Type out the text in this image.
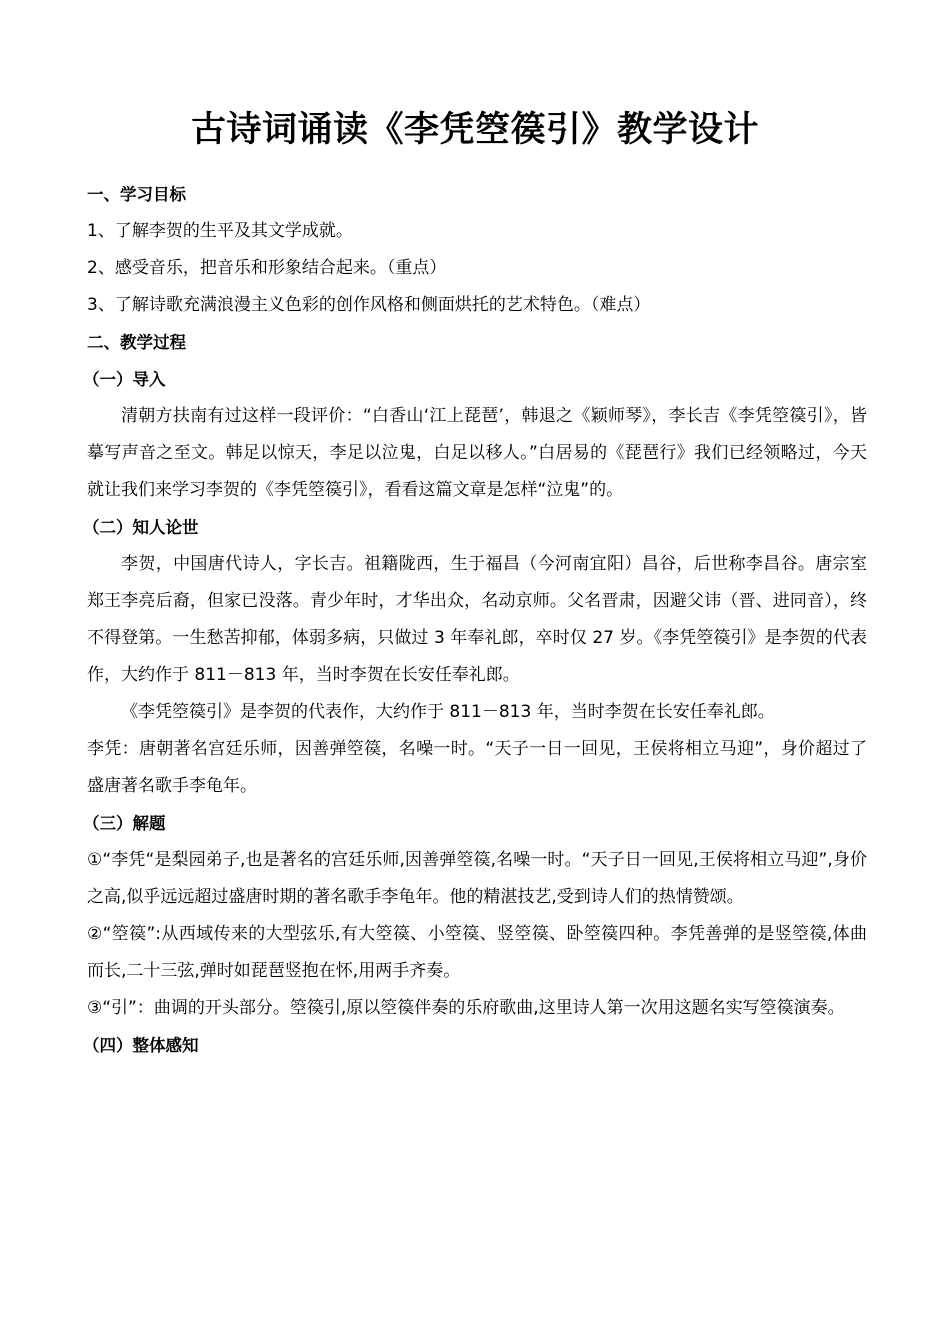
古诗词诵读《李凭箜篌引》教学设计

一、学习目标

1、了解李贺的生平及其文学成就。

2、感受音乐，把音乐和形象结合起来。（重点）

3、了解诗歌充满浪漫主义色彩的创作风格和侧面烘托的艺术特色。（难点）

二、教学过程

（一）导入

清朝方扶南有过这样一段评价：“白香山‘江上琵琶’，韩退之《颖师琴》，李长吉《李凭箜篌引》，皆摹写声音之至文。韩足以惊天，李足以泣鬼，白足以移人。”白居易的《琵琶行》我们已经领略过，今天就让我们来学习李贺的《李凭箜篌引》，看看这篇文章是怎样“泣鬼”的。

（二）知人论世

李贺，中国唐代诗人，字长吉。祖籍陇西，生于福昌（今河南宜阳）昌谷，后世称李昌谷。唐宗室郑王李亮后裔，但家已没落。青少年时，才华出众，名动京师。父名晋肃，因避父讳（晋、进同音），终不得登第。一生愁苦抑郁，体弱多病，只做过 3 年奉礼郎，卒时仅 27 岁。《李凭箜篌引》是李贺的代表作，大约作于 811－813 年，当时李贺在长安任奉礼郎。

《李凭箜篌引》是李贺的代表作，大约作于 811－813 年，当时李贺在长安任奉礼郎。

李凭：唐朝著名宫廷乐师，因善弹箜篌，名噪一时。“天子一日一回见，王侯将相立马迎”，身价超过了盛唐著名歌手李龟年。

（三）解题

①“李凭“是梨园弟子,也是著名的宫廷乐师,因善弹箜篌,名噪一时。“天子日一回见,王侯将相立马迎”,身价之高,似乎远远超过盛唐时期的著名歌手李龟年。他的精湛技艺,受到诗人们的热情赞颂。

②“箜篌”:从西域传来的大型弦乐,有大箜篌、小箜篌、竖箜篌、卧箜篌四种。李凭善弹的是竖箜篌,体曲而长,二十三弦,弹时如琵琶竖抱在怀,用两手齐奏。

③“引”：曲调的开头部分。箜篌引,原以箜篌伴奏的乐府歌曲,这里诗人第一次用这题名实写箜篌演奏。

（四）整体感知
